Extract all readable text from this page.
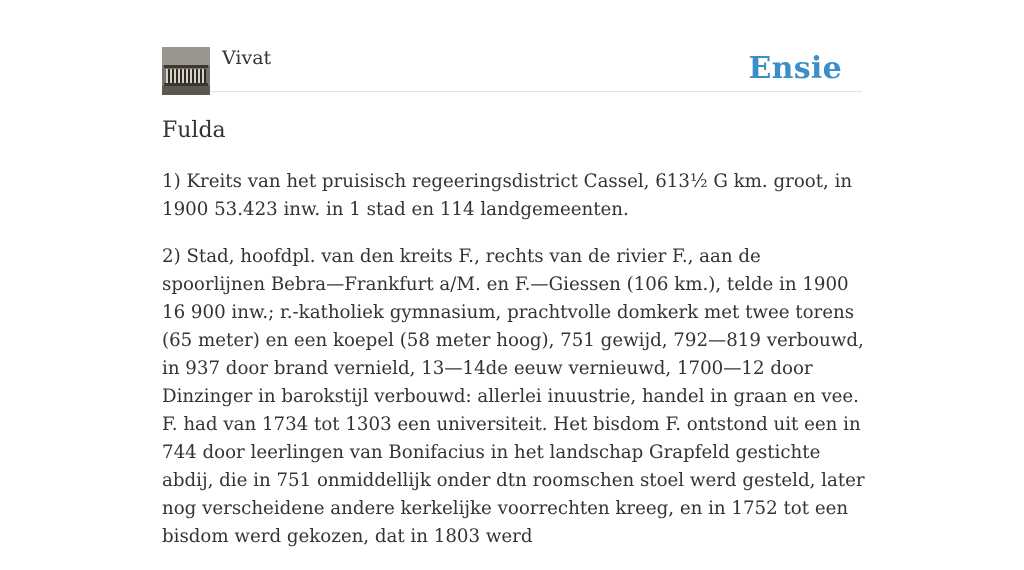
Vivat	Ensie
Fulda

1) Kreits van het pruisisch regeeringsdistrict Cassel, 613½ G km. groot, in 1900 53.423 inw. in 1 stad en 114 landgemeenten.

2) Stad, hoofdpl. van den kreits F., rechts van de rivier F., aan de spoorlijnen Bebra—Frankfurt a/M. en F.—Giessen (106 km.), telde in 1900 16 900 inw.; r.-katholiek gymnasium, prachtvolle domkerk met twee torens (65 meter) en een koepel (58 meter hoog), 751 gewijd, 792—819 verbouwd, in 937 door brand vernield, 13—14de eeuw vernieuwd, 1700—12 door Dinzinger in barokstijl verbouwd: allerlei inuustrie, handel in graan en vee. F. had van 1734 tot 1303 een universiteit. Het bisdom F. ontstond uit een in 744 door leerlingen van Bonifacius in het landschap Grapfeld gestichte abdij, die in 751 onmiddellijk onder dtn roomschen stoel werd gesteld, later nog verscheidene andere kerkelijke voorrechten kreeg, en in 1752 tot een bisdom werd gekozen, dat in 1803 werd
